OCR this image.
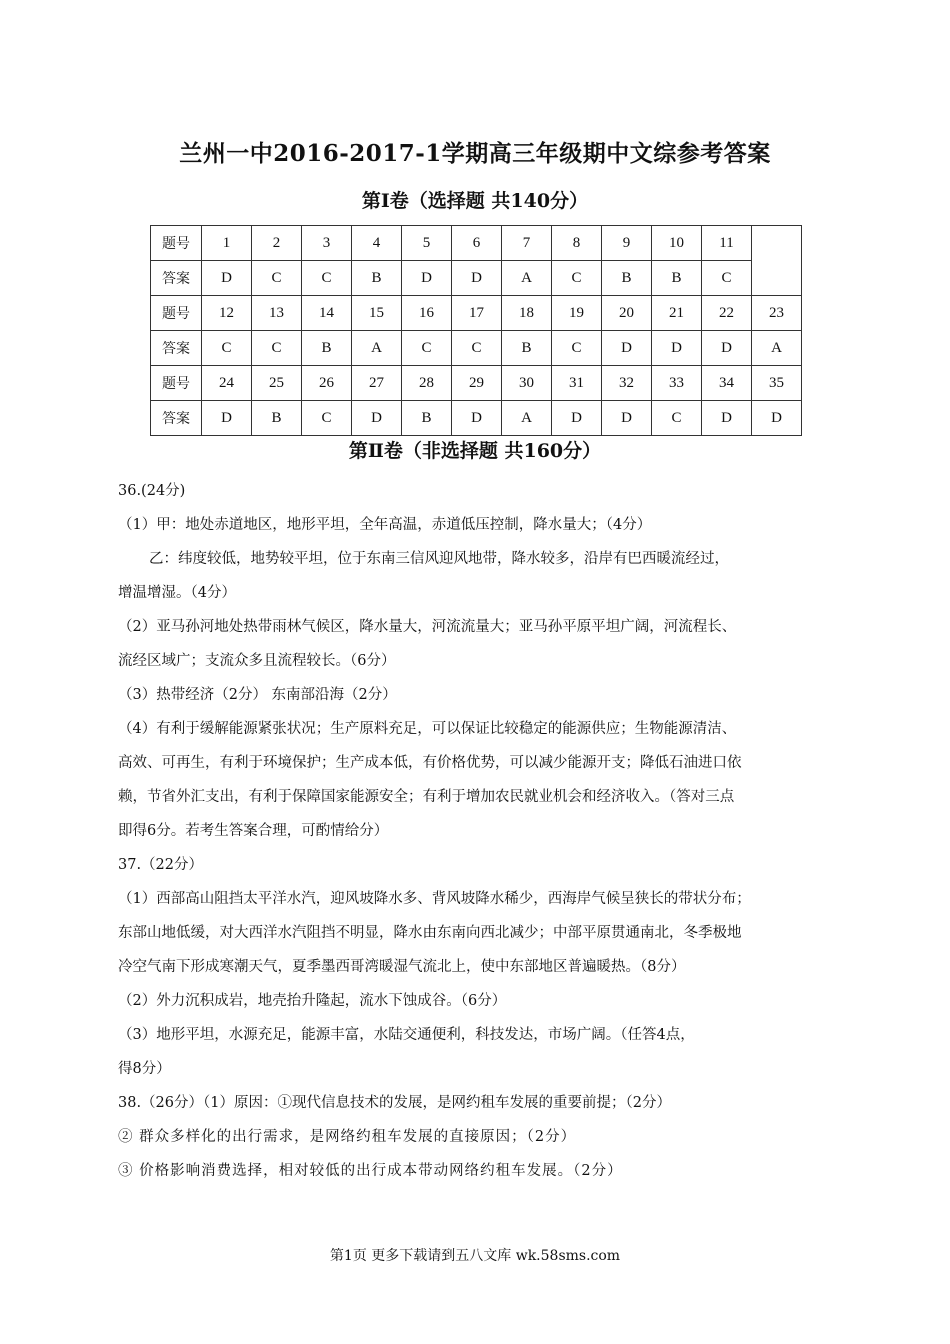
兰州一中2016-2017-1学期高三年级期中文综参考答案
第Ⅰ卷（选择题 共140分）
题号	1	2	3	4	5	6	7	8	9	10	11	
答案	D	C	C	B	D	D	A	C	B	B	C	
题号	12	13	14	15	16	17	18	19	20	21	22	23
答案	C	C	B	A	C	C	B	C	D	D	D	A
题号	24	25	26	27	28	29	30	31	32	33	34	35
答案	D	B	C	D	B	D	A	D	D	C	D	D
第Ⅱ卷（非选择题 共160分）
36.(24分)
（1）甲：地处赤道地区，地形平坦，全年高温，赤道低压控制，降水量大；（4分）
乙：纬度较低，地势较平坦，位于东南三信风迎风地带，降水较多，沿岸有巴西暖流经过，
增温增湿。（4分）
（2）亚马孙河地处热带雨林气候区，降水量大，河流流量大；亚马孙平原平坦广阔，河流程长、
流经区域广；支流众多且流程较长。（6分）
（3）热带经济（2分） 东南部沿海（2分）
（4）有利于缓解能源紧张状况；生产原料充足，可以保证比较稳定的能源供应；生物能源清洁、
高效、可再生，有利于环境保护；生产成本低，有价格优势，可以减少能源开支；降低石油进口依
赖，节省外汇支出，有利于保障国家能源安全；有利于增加农民就业机会和经济收入。（答对三点
即得6分。若考生答案合理，可酌情给分）
37.（22分）
（1）西部高山阻挡太平洋水汽，迎风坡降水多、背风坡降水稀少，西海岸气候呈狭长的带状分布；
东部山地低缓，对大西洋水汽阻挡不明显，降水由东南向西北减少；中部平原贯通南北，冬季极地
冷空气南下形成寒潮天气，夏季墨西哥湾暖湿气流北上，使中东部地区普遍暖热。（8分）
（2）外力沉积成岩，地壳抬升隆起，流水下蚀成谷。（6分）
（3）地形平坦，水源充足，能源丰富，水陆交通便利，科技发达，市场广阔。（任答4点，
得8分）
38.（26分）（1）原因：①现代信息技术的发展，是网约租车发展的重要前提；（2分）
② 群众多样化的出行需求，是网络约租车发展的直接原因；（2分）
③ 价格影响消费选择，相对较低的出行成本带动网络约租车发展。（2分）
第1页 更多下载请到五八文库 wk.58sms.com
